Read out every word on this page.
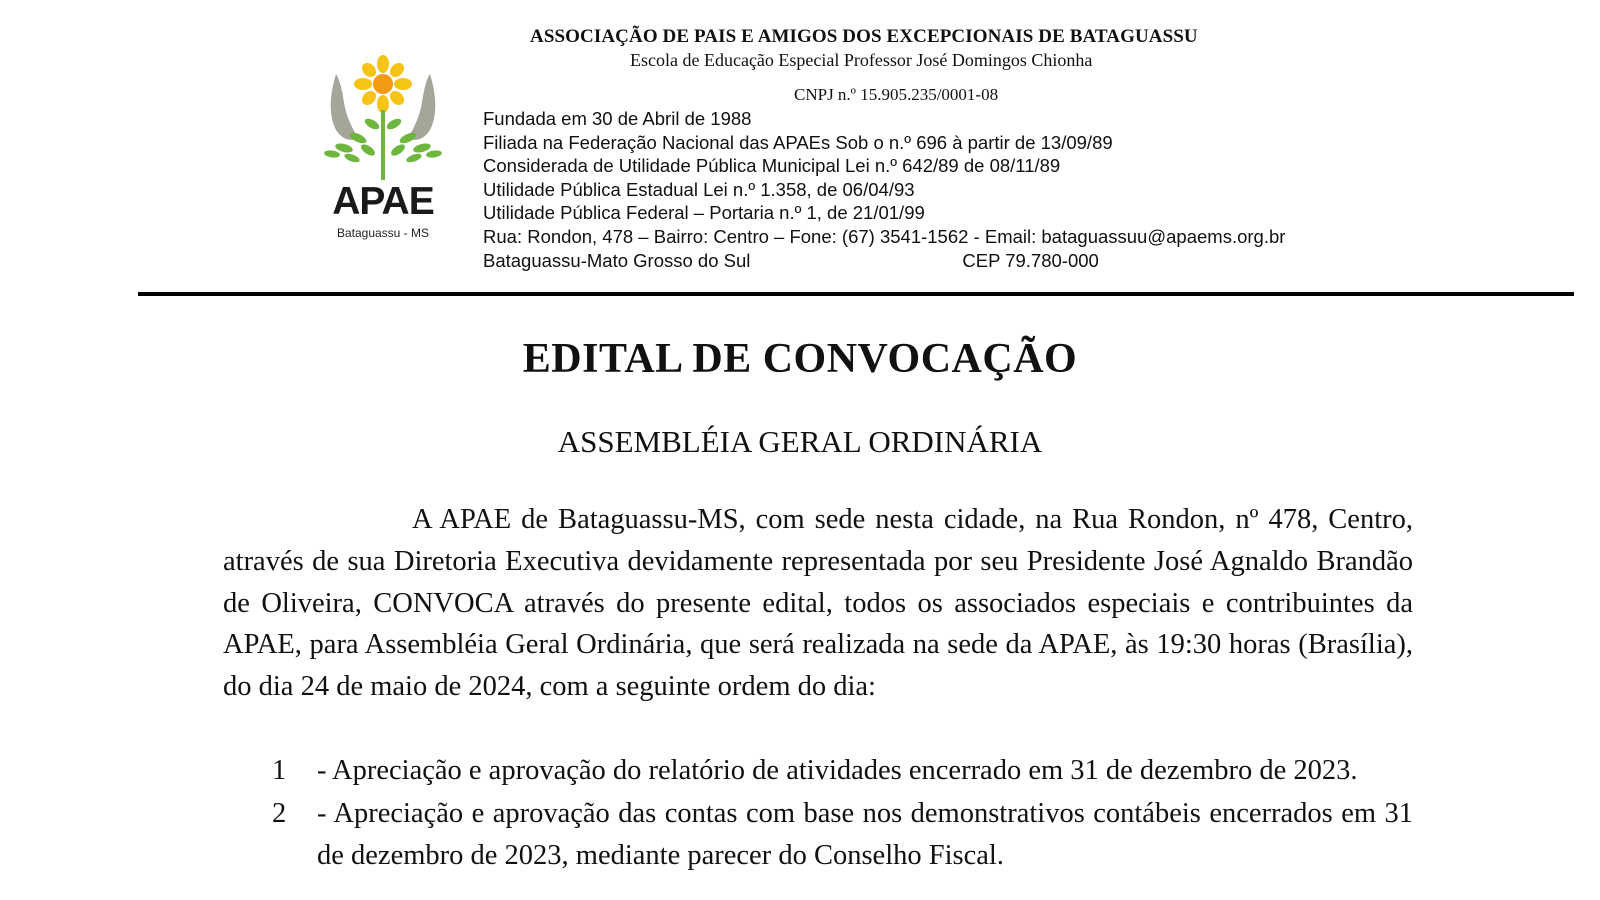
APAE
Bataguassu - MS
ASSOCIAÇÃO DE PAIS E AMIGOS DOS EXCEPCIONAIS DE BATAGUASSU
Escola de Educação Especial Professor José Domingos Chionha
CNPJ n.º 15.905.235/0001-08
Fundada em 30 de Abril de 1988
Filiada na Federação Nacional das APAEs Sob o n.º 696 à partir de 13/09/89
Considerada de Utilidade Pública Municipal Lei n.º 642/89 de 08/11/89
Utilidade Pública Estadual Lei n.º 1.358, de 06/04/93
Utilidade Pública Federal – Portaria n.º 1, de 21/01/99
Rua: Rondon, 478 – Bairro: Centro – Fone: (67) 3541-1562 - Email: bataguassuu@apaems.org.br
Bataguassu-Mato Grosso do Sul	CEP 79.780-000
EDITAL DE CONVOCAÇÃO
ASSEMBLÉIA GERAL ORDINÁRIA

A APAE de Bataguassu-MS, com sede nesta cidade, na Rua Rondon, nº 478, Centro, através de sua Diretoria Executiva devidamente representada por seu Presidente José Agnaldo Brandão de Oliveira, CONVOCA através do presente edital, todos os associados especiais e contribuintes da APAE, para Assembléia Geral Ordinária, que será realizada na sede da APAE, às 19:30 horas (Brasília), do dia 24 de maio de 2024, com a seguinte ordem do dia:

1 - Apreciação e aprovação do relatório de atividades encerrado em 31 de dezembro de 2023.
2 - Apreciação e aprovação das contas com base nos demonstrativos contábeis encerrados em 31 de dezembro de 2023, mediante parecer do Conselho Fiscal.
